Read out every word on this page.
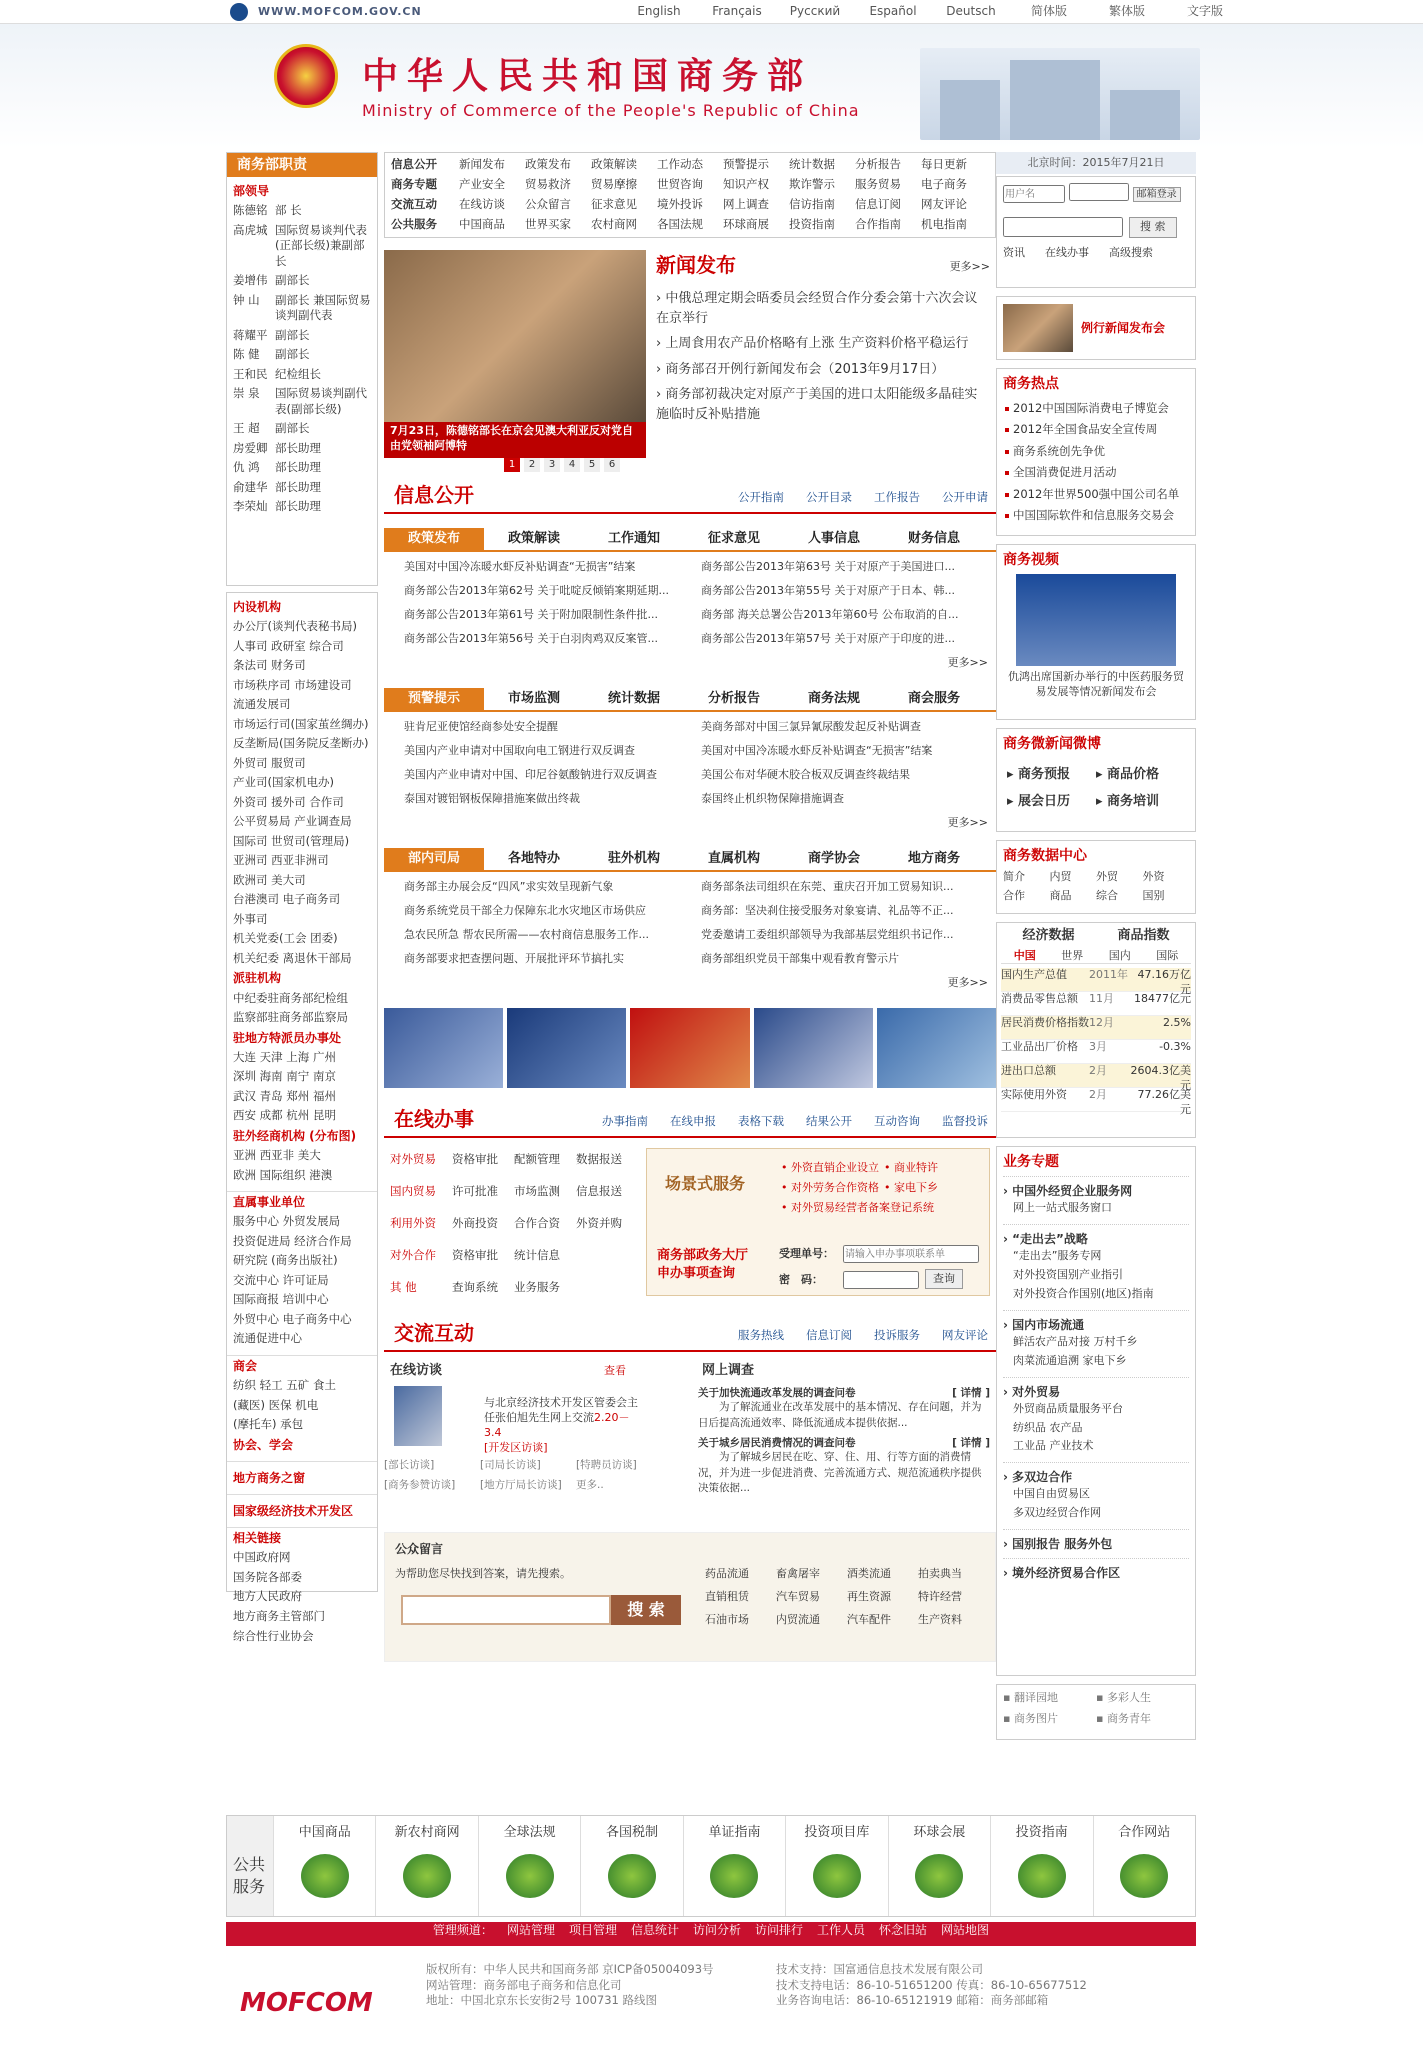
WWW.MOFCOM.GOV.CN	English	Français	Русский	Español	Deutsch	简体版	繁体版	文字版
中华人民共和国商务部
Ministry of Commerce of the People's Republic of China
商务部职责
部领导
陈德铭 部 长
高虎城 国际贸易谈判代表(正部长级)兼副部长
姜增伟 副部长
钟 山	副部长 兼国际贸易谈判副代表
蒋耀平 副部长
陈 健	副部长
王和民 纪检组长
崇 泉	国际贸易谈判副代表(副部长级)
王 超	副部长
房爱卿 部长助理
仇 鸿	部长助理
俞建华 部长助理
李荣灿 部长助理
内设机构
办公厅(谈判代表秘书局)
人事司 政研室 综合司
条法司 财务司
市场秩序司 市场建设司
流通发展司
市场运行司(国家茧丝绸办)
反垄断局(国务院反垄断办)
外贸司 服贸司
产业司(国家机电办)
外资司 援外司 合作司
公平贸易局 产业调查局
国际司 世贸司(管理局)
亚洲司 西亚非洲司
欧洲司 美大司
台港澳司 电子商务司
外事司
机关党委(工会 团委)
机关纪委 离退休干部局
派驻机构
中纪委驻商务部纪检组
监察部驻商务部监察局
驻地方特派员办事处
大连 天津 上海 广州
深圳 海南 南宁 南京
武汉 青岛 郑州 福州
西安 成都 杭州 昆明
驻外经商机构 (分布图)
亚洲 西亚非 美大
欧洲 国际组织 港澳
直属事业单位
服务中心 外贸发展局
投资促进局 经济合作局
研究院 (商务出版社)
交流中心 许可证局
国际商报 培训中心
外贸中心 电子商务中心
流通促进中心
商会
纺织 轻工 五矿 食土
(藏医) 医保 机电
(摩托车) 承包
协会、学会
地方商务之窗
国家级经济技术开发区
相关链接
中国政府网
国务院各部委
地方人民政府
地方商务主管部门
综合性行业协会
信息公开	新闻发布	政策发布	政策解读	工作动态	预警提示	统计数据	分析报告	每日更新
商务专题	产业安全	贸易救济	贸易摩擦	世贸咨询	知识产权	欺诈警示	服务贸易	电子商务
交流互动	在线访谈	公众留言	征求意见	境外投诉	网上调查	信访指南	信息订阅	网友评论
公共服务	中国商品	世界买家	农村商网	各国法规	环球商展	投资指南	合作指南	机电指南
7月23日，陈德铭部长在京会见澳大利亚反对党自由党领袖阿博特
1	2	3	4	5	6
新闻发布	更多>>
› 中俄总理定期会晤委员会经贸合作分委会第十六次会议在京举行
› 上周食用农产品价格略有上涨 生产资料价格平稳运行
› 商务部召开例行新闻发布会（2013年9月17日）
› 商务部初裁决定对原产于美国的进口太阳能级多晶硅实施临时反补贴措施
信息公开	公开指南 公开目录 工作报告 公开申请
政策发布	政策解读	工作通知	征求意见	人事信息	财务信息
美国对中国冷冻暖水虾反补贴调查“无损害”结案	商务部公告2013年第63号 关于对原产于美国进口...
商务部公告2013年第62号 关于吡啶反倾销案期延期...	商务部公告2013年第55号 关于对原产于日本、韩...
商务部公告2013年第61号 关于附加限制性条件批...	商务部 海关总署公告2013年第60号 公布取消的自...
商务部公告2013年第56号 关于白羽肉鸡双反案管...	商务部公告2013年第57号 关于对原产于印度的进...
更多>>
预警提示	市场监测	统计数据	分析报告	商务法规	商会服务
驻肯尼亚使馆经商参处安全提醒	美商务部对中国三氯异氰尿酸发起反补贴调查
美国内产业申请对中国取向电工钢进行双反调查	美国对中国冷冻暖水虾反补贴调查“无损害”结案
美国内产业申请对中国、印尼谷氨酸钠进行双反调查	美国公布对华硬木胶合板双反调查终裁结果
泰国对镀铝钢板保障措施案做出终裁	泰国终止机织物保障措施调查
更多>>
部内司局	各地特办	驻外机构	直属机构	商学协会	地方商务
商务部主办展会反“四风”求实效呈现新气象	商务部条法司组织在东莞、重庆召开加工贸易知识...
商务系统党员干部全力保障东北水灾地区市场供应	商务部：坚决刹住接受服务对象宴请、礼品等不正...
急农民所急 帮农民所需——农村商信息服务工作...	党委邀请工委组织部领导为我部基层党组织书记作...
商务部要求把查摆问题、开展批评环节搞扎实	商务部组织党员干部集中观看教育警示片
更多>>
在线办事	办事指南 在线申报 表格下载 结果公开 互动咨询 监督投诉
对外贸易	资格审批	配额管理	数据报送
国内贸易	许可批准	市场监测	信息报送
利用外资	外商投资	合作合资	外资并购
对外合作	资格审批	统计信息
其 他	查询系统	业务服务
场景式服务
• 外资直销企业设立 • 商业特许
• 对外劳务合作资格 • 家电下乡
• 对外贸易经营者备案登记系统
商务部政务大厅 申办事项查询
受理单号：
请输入申办事项联系单
密　码：	查询
交流互动	服务热线 信息订阅 投诉服务 网友评论
在线访谈	查看
与北京经济技术开发区管委会主任张伯旭先生网上交流2.20－3.4
[开发区访谈]
[部长访谈]	[司局长访谈]	[特聘员访谈]
[商务参赞访谈]	[地方厅局长访谈]	更多..
网上调查
关于加快流通改革发展的调查问卷	[ 详情 ]
为了解流通业在改革发展中的基本情况、存在问题，并为日后提高流通效率、降低流通成本提供依据...
关于城乡居民消费情况的调查问卷	[ 详情 ]
为了解城乡居民在吃、穿、住、用、行等方面的消费情况，并为进一步促进消费、完善流通方式、规范流通秩序提供决策依据...
公众留言
为帮助您尽快找到答案，请先搜索。
搜 索
药品流通	畜禽屠宰	酒类流通	拍卖典当
直销租赁	汽车贸易	再生资源	特许经营
石油市场	内贸流通	汽车配件	生产资料
北京时间：2015年7月21日
用户名  邮箱登录
搜 索
资讯 在线办事 高级搜索
例行新闻发布会
商务热点
2012中国国际消费电子博览会
2012年全国食品安全宣传周
商务系统创先争优
全国消费促进月活动
2012年世界500强中国公司名单
中国国际软件和信息服务交易会
商务视频
仇鸿出席国新办举行的中医药服务贸易发展等情况新闻发布会
商务微新闻微博
▸ 商务预报	▸ 商品价格
▸ 展会日历	▸ 商务培训
商务数据中心
简介	内贸	外贸	外资
合作	商品	综合	国别
经济数据	商品指数
中国	世界	国内	国际
国内生产总值	2011年 47.16万亿元
消费品零售总额	11月	18477亿元
居民消费价格指数 12月	2.5%
工业品出厂价格	3月	-0.3%
进出口总额	2月	2604.3亿美元
实际使用外资	2月	77.26亿美元
业务专题
› 中国外经贸企业服务网
网上一站式服务窗口
› “走出去”战略
“走出去”服务专网
对外投资国别产业指引
对外投资合作国别(地区)指南
› 国内市场流通
鲜活农产品对接 万村千乡
肉菜流通追溯 家电下乡
› 对外贸易
外贸商品质量服务平台
纺织品 农产品
工业品 产业技术
› 多双边合作
中国自由贸易区
多双边经贸合作网
› 国别报告 服务外包
› 境外经济贸易合作区
▪ 翻译园地	▪ 多彩人生
▪ 商务图片	▪ 商务青年
公共服务
中国商品	新农村商网	全球法规	各国税制	单证指南	投资项目库	环球会展	投资指南	合作网站
管理频道： 网站管理 项目管理 信息统计 访问分析 访问排行 工作人员 怀念旧站 网站地图
MOFCOM
版权所有：中华人民共和国商务部 京ICP备05004093号
网站管理：商务部电子商务和信息化司
地址：中国北京东长安街2号 100731 路线图
技术支持：国富通信息技术发展有限公司
技术支持电话：86-10-51651200 传真：86-10-65677512
业务咨询电话：86-10-65121919 邮箱：商务部邮箱
